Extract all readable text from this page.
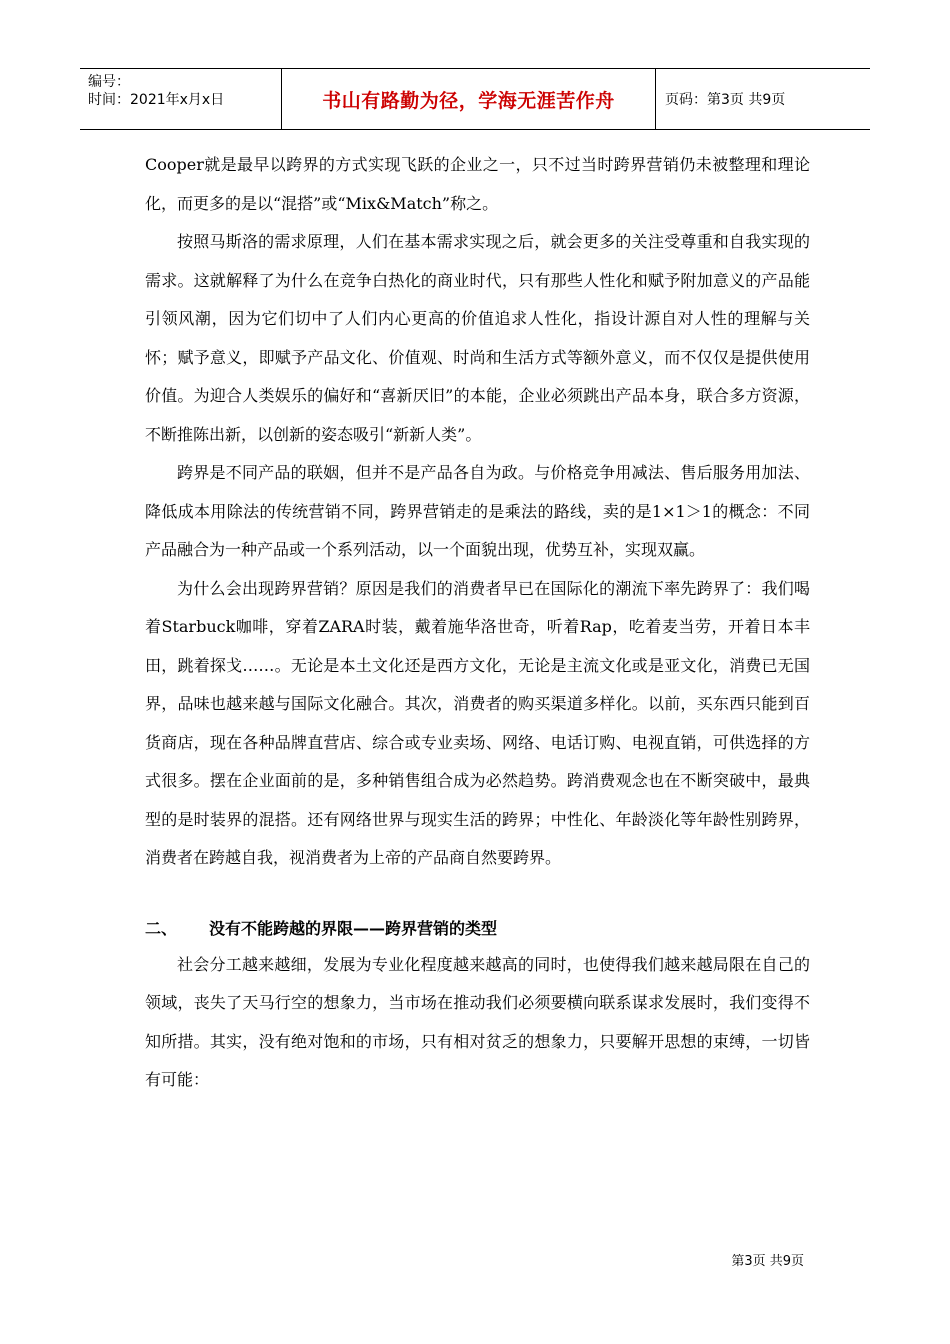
编号：
时间：2021年x月x日	书山有路勤为径，学海无涯苦作舟	页码：第3页 共9页

Cooper就是最早以跨界的方式实现飞跃的企业之一，只不过当时跨界营销仍未被整理和理论化，而更多的是以“混搭”或“Mix&Match”称之。

按照马斯洛的需求原理，人们在基本需求实现之后，就会更多的关注受尊重和自我实现的需求。这就解释了为什么在竞争白热化的商业时代，只有那些人性化和赋予附加意义的产品能引领风潮，因为它们切中了人们内心更高的价值追求人性化，指设计源自对人性的理解与关怀；赋予意义，即赋予产品文化、价值观、时尚和生活方式等额外意义，而不仅仅是提供使用价值。为迎合人类娱乐的偏好和“喜新厌旧”的本能，企业必须跳出产品本身，联合多方资源，不断推陈出新，以创新的姿态吸引“新新人类”。

跨界是不同产品的联姻，但并不是产品各自为政。与价格竞争用减法、售后服务用加法、降低成本用除法的传统营销不同，跨界营销走的是乘法的路线，卖的是1×1＞1的概念：不同产品融合为一种产品或一个系列活动，以一个面貌出现，优势互补，实现双赢。

为什么会出现跨界营销？原因是我们的消费者早已在国际化的潮流下率先跨界了：我们喝着Starbuck咖啡，穿着ZARA时装，戴着施华洛世奇，听着Rap，吃着麦当劳，开着日本丰田，跳着探戈……。无论是本土文化还是西方文化，无论是主流文化或是亚文化，消费已无国界，品味也越来越与国际文化融合。其次，消费者的购买渠道多样化。以前，买东西只能到百货商店，现在各种品牌直营店、综合或专业卖场、网络、电话订购、电视直销，可供选择的方式很多。摆在企业面前的是，多种销售组合成为必然趋势。跨消费观念也在不断突破中，最典型的是时装界的混搭。还有网络世界与现实生活的跨界；中性化、年龄淡化等年龄性别跨界，消费者在跨越自我，视消费者为上帝的产品商自然要跨界。

二、	没有不能跨越的界限——跨界营销的类型

社会分工越来越细，发展为专业化程度越来越高的同时，也使得我们越来越局限在自己的领域，丧失了天马行空的想象力，当市场在推动我们必须要横向联系谋求发展时，我们变得不知所措。其实，没有绝对饱和的市场，只有相对贫乏的想象力，只要解开思想的束缚，一切皆有可能：

第3页 共9页
